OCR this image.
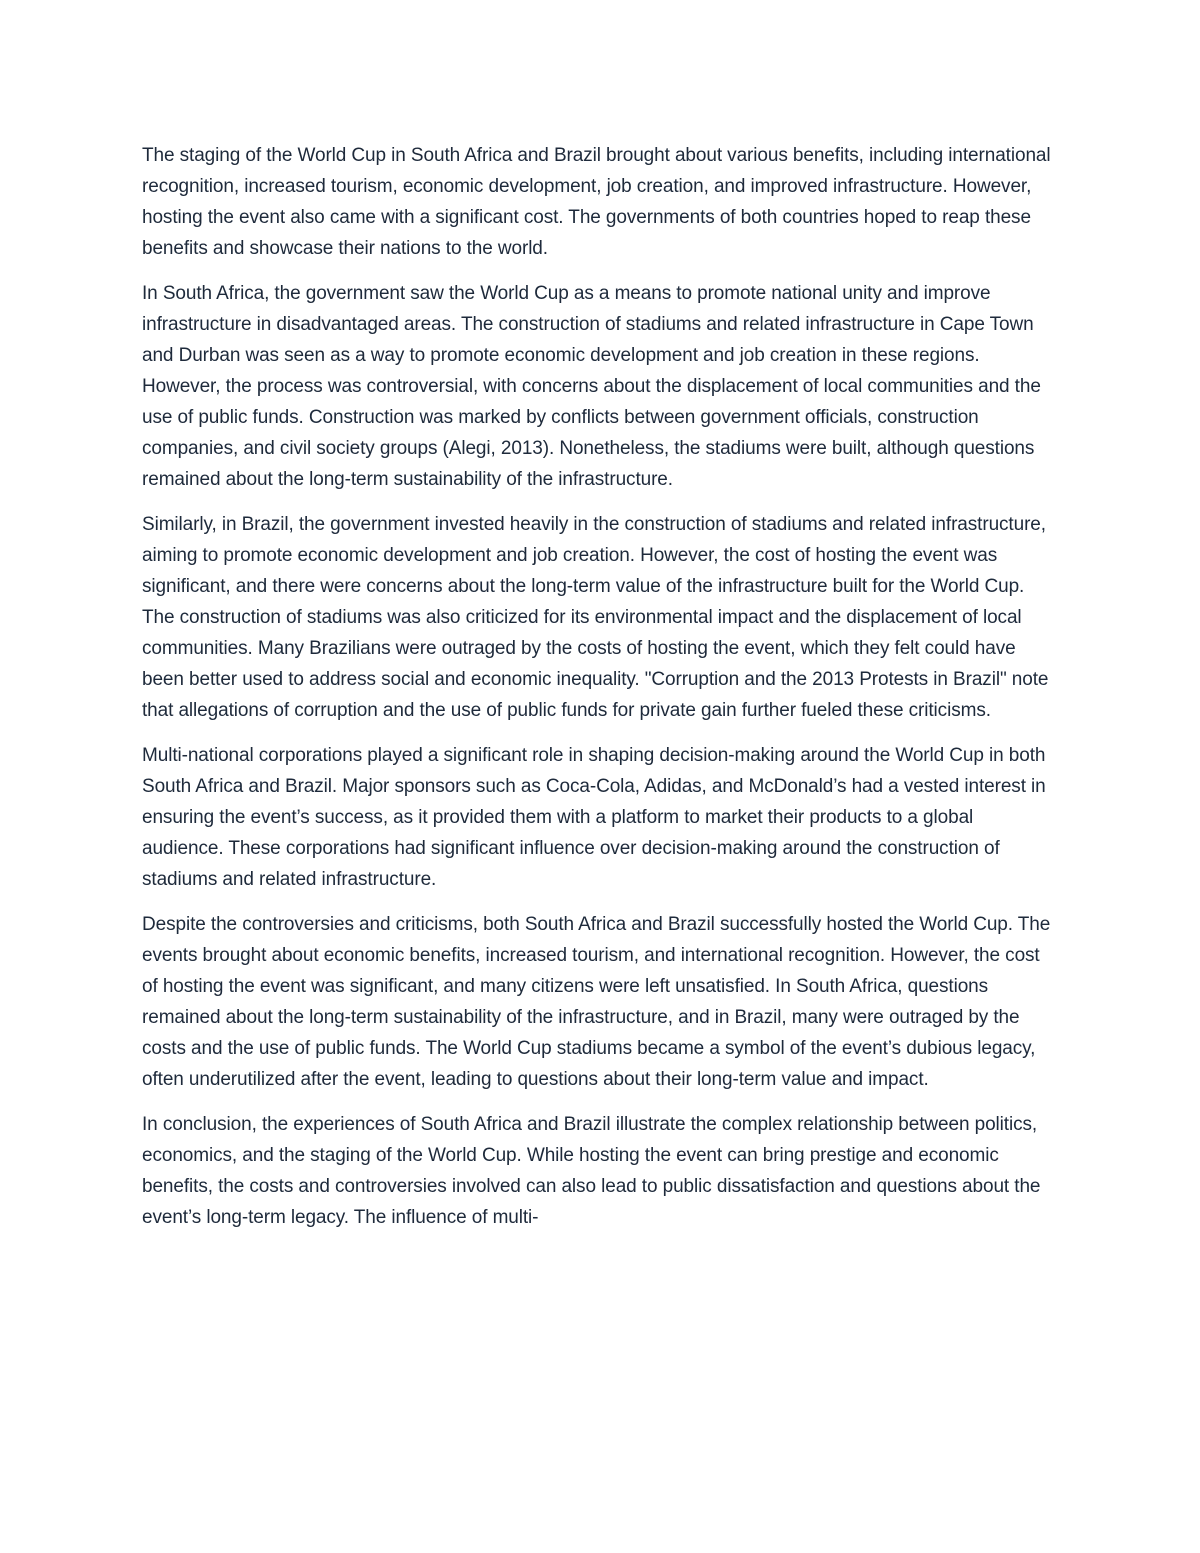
The staging of the World Cup in South Africa and Brazil brought about various benefits, including international recognition, increased tourism, economic development, job creation, and improved infrastructure. However, hosting the event also came with a significant cost. The governments of both countries hoped to reap these benefits and showcase their nations to the world.

In South Africa, the government saw the World Cup as a means to promote national unity and improve infrastructure in disadvantaged areas. The construction of stadiums and related infrastructure in Cape Town and Durban was seen as a way to promote economic development and job creation in these regions. However, the process was controversial, with concerns about the displacement of local communities and the use of public funds. Construction was marked by conflicts between government officials, construction companies, and civil society groups (Alegi, 2013). Nonetheless, the stadiums were built, although questions remained about the long-term sustainability of the infrastructure.

Similarly, in Brazil, the government invested heavily in the construction of stadiums and related infrastructure, aiming to promote economic development and job creation. However, the cost of hosting the event was significant, and there were concerns about the long-term value of the infrastructure built for the World Cup. The construction of stadiums was also criticized for its environmental impact and the displacement of local communities. Many Brazilians were outraged by the costs of hosting the event, which they felt could have been better used to address social and economic inequality. "Corruption and the 2013 Protests in Brazil" note that allegations of corruption and the use of public funds for private gain further fueled these criticisms.

Multi-national corporations played a significant role in shaping decision-making around the World Cup in both South Africa and Brazil. Major sponsors such as Coca-Cola, Adidas, and McDonald’s had a vested interest in ensuring the event’s success, as it provided them with a platform to market their products to a global audience. These corporations had significant influence over decision-making around the construction of stadiums and related infrastructure.

Despite the controversies and criticisms, both South Africa and Brazil successfully hosted the World Cup. The events brought about economic benefits, increased tourism, and international recognition. However, the cost of hosting the event was significant, and many citizens were left unsatisfied. In South Africa, questions remained about the long-term sustainability of the infrastructure, and in Brazil, many were outraged by the costs and the use of public funds. The World Cup stadiums became a symbol of the event’s dubious legacy, often underutilized after the event, leading to questions about their long-term value and impact.

In conclusion, the experiences of South Africa and Brazil illustrate the complex relationship between politics, economics, and the staging of the World Cup. While hosting the event can bring prestige and economic benefits, the costs and controversies involved can also lead to public dissatisfaction and questions about the event’s long-term legacy. The influence of multi-
